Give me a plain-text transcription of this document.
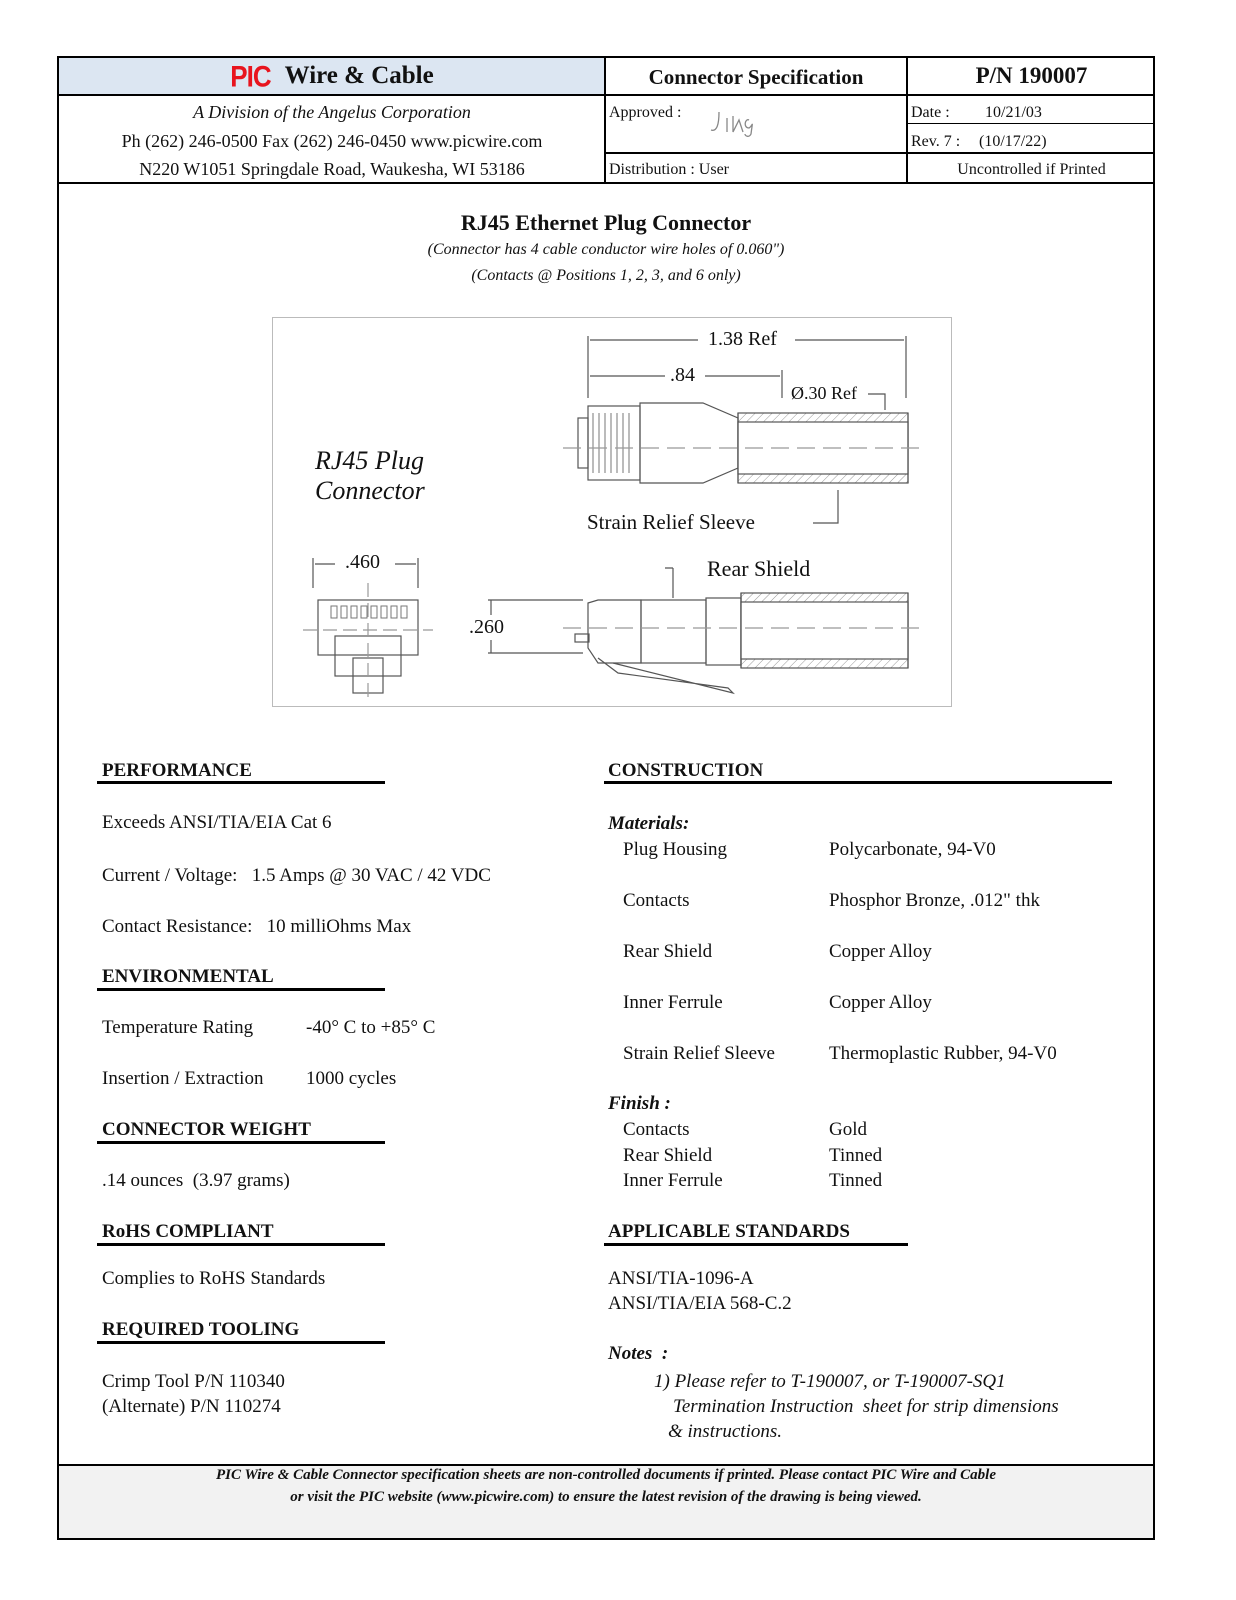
PIC Wire & Cable	Connector Specification	P/N 190007
A Division of the Angelus Corporation
Ph (262) 246-0500 Fax (262) 246-0450 www.picwire.com
N220 W1051 Springdale Road, Waukesha, WI 53186
Approved :
Distribution : User
Date : 10/21/03
Rev. 7 : (10/17/22)
Uncontrolled if Printed
RJ45 Ethernet Plug Connector
(Connector has 4 cable conductor wire holes of 0.060")
(Contacts @ Positions 1, 2, 3, and 6 only)
RJ45 Plug
Connector
1.38 Ref
.84
Ø.30 Ref
Strain Relief Sleeve
Rear Shield
.460
.260
PERFORMANCE
Exceeds ANSI/TIA/EIA Cat 6
Current / Voltage:   1.5 Amps @ 30 VAC / 42 VDC
Contact Resistance:   10 milliOhms Max
ENVIRONMENTAL
Temperature Rating	-40° C to +85° C
Insertion / Extraction 1000 cycles
CONNECTOR WEIGHT
.14 ounces  (3.97 grams)
RoHS COMPLIANT
Complies to RoHS Standards
REQUIRED TOOLING
Crimp Tool P/N 110340
(Alternate) P/N 110274
CONSTRUCTION
Materials:
Plug Housing	Polycarbonate, 94-V0
Contacts	Phosphor Bronze, .012" thk
Rear Shield	Copper Alloy
Inner Ferrule	Copper Alloy
Strain Relief Sleeve	Thermoplastic Rubber, 94-V0
Finish :
Contacts	Gold
Rear Shield	Tinned
Inner Ferrule	Tinned
APPLICABLE STANDARDS
ANSI/TIA-1096-A
ANSI/TIA/EIA 568-C.2
Notes  :
1) Please refer to T-190007, or T-190007-SQ1
Termination Instruction  sheet for strip dimensions
& instructions.
PIC Wire & Cable Connector specification sheets are non-controlled documents if printed. Please contact PIC Wire and Cable
or visit the PIC website (www.picwire.com) to ensure the latest revision of the drawing is being viewed.
